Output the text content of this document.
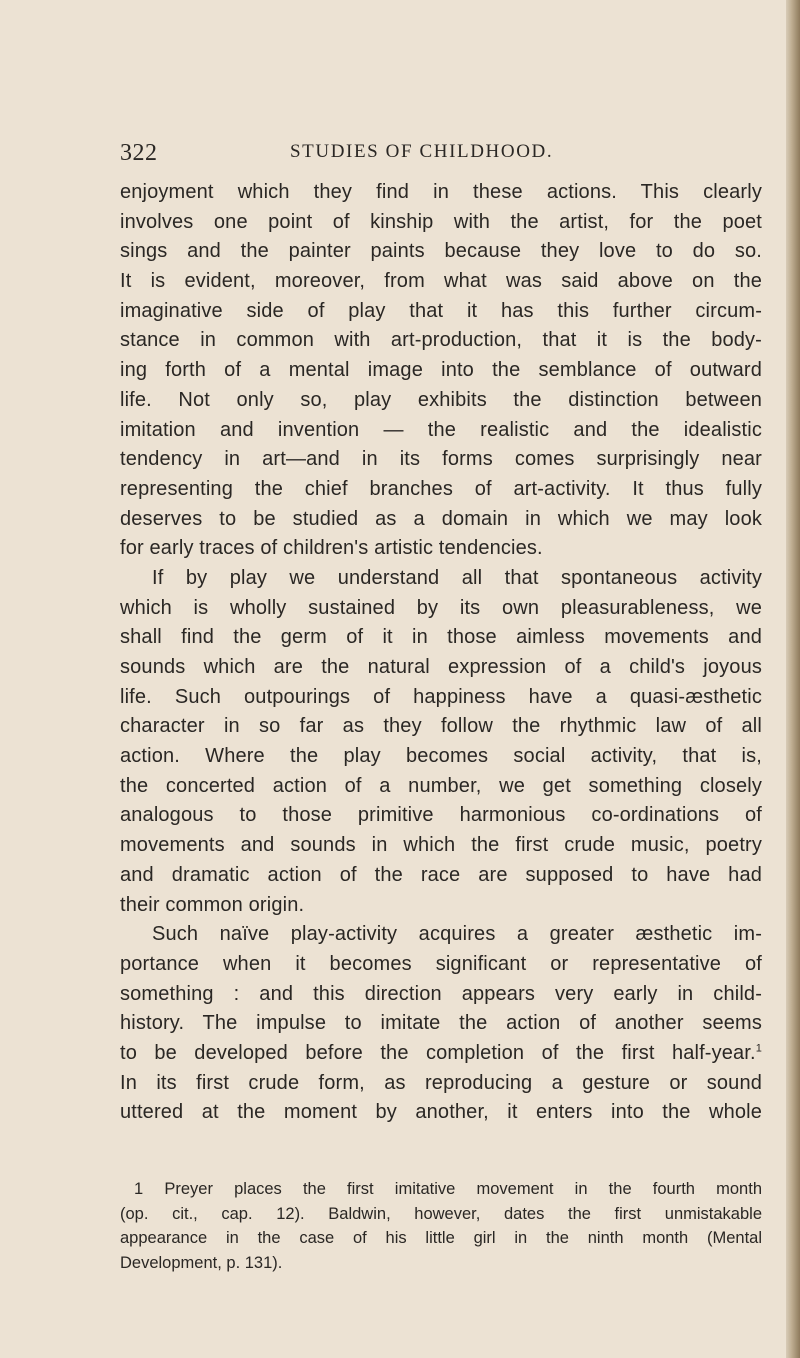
322	STUDIES OF CHILDHOOD.
enjoyment which they find in these actions. This clearly
involves one point of kinship with the artist, for the poet
sings and the painter paints because they love to do so.
It is evident, moreover, from what was said above on the
imaginative side of play that it has this further circum-
stance in common with art-production, that it is the body-
ing forth of a mental image into the semblance of outward
life. Not only so, play exhibits the distinction between
imitation and invention — the realistic and the idealistic
tendency in art—and in its forms comes surprisingly near
representing the chief branches of art-activity. It thus fully
deserves to be studied as a domain in which we may look
for early traces of children's artistic tendencies.
If by play we understand all that spontaneous activity
which is wholly sustained by its own pleasurableness, we
shall find the germ of it in those aimless movements and
sounds which are the natural expression of a child's joyous
life. Such outpourings of happiness have a quasi-æsthetic
character in so far as they follow the rhythmic law of all
action. Where the play becomes social activity, that is,
the concerted action of a number, we get something closely
analogous to those primitive harmonious co-ordinations of
movements and sounds in which the first crude music, poetry
and dramatic action of the race are supposed to have had
their common origin.
Such naïve play-activity acquires a greater æsthetic im-
portance when it becomes significant or representative of
something : and this direction appears very early in child-
history. The impulse to imitate the action of another seems
to be developed before the completion of the first half-year.$^1$
In its first crude form, as reproducing a gesture or sound
uttered at the moment by another, it enters into the whole
1 Preyer places the first imitative movement in the fourth month
(op. cit., cap. 12). Baldwin, however, dates the first unmistakable
appearance in the case of his little girl in the ninth month (Mental
Development, p. 131).
